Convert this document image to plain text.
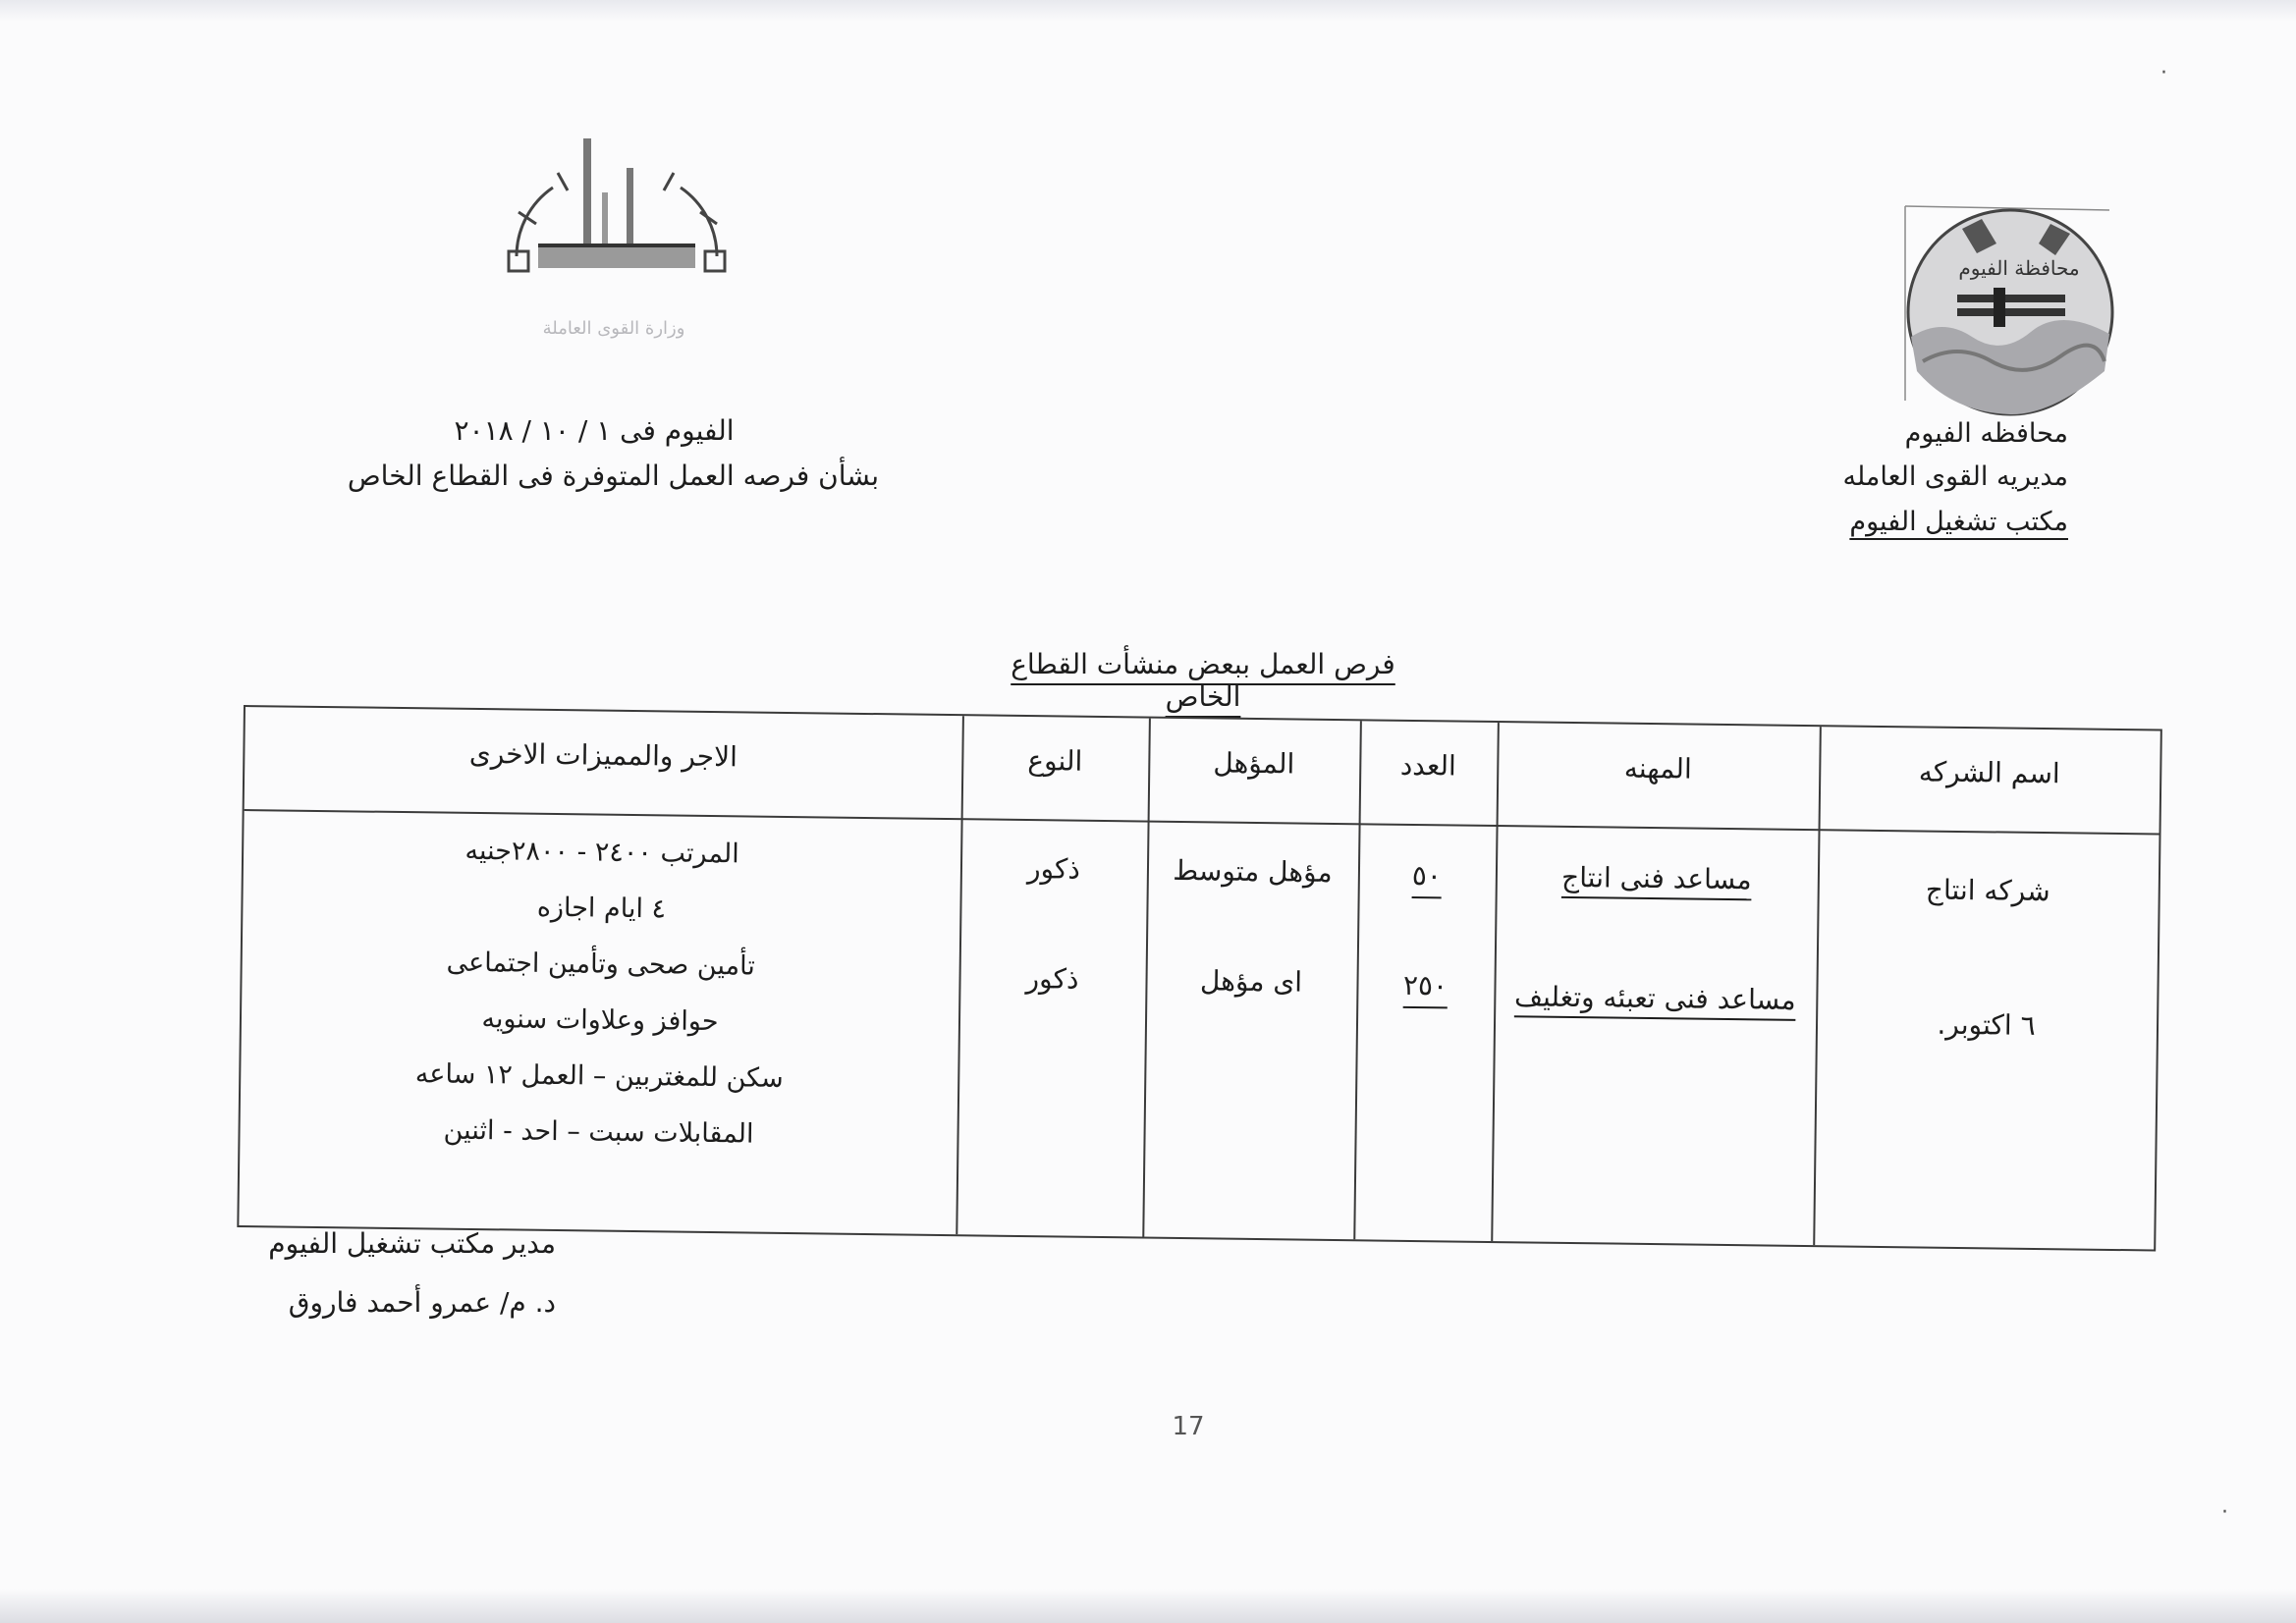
محافظة الفيوم
وزارة القوى العاملة
محافظه الفيوم
مديريه القوى العامله
مكتب تشغيل الفيوم
الفيوم فى ١ / ١٠ / ٢٠١٨
بشأن فرصه العمل المتوفرة فى القطاع الخاص
فرص العمل ببعض منشأت القطاع الخاص
اسم الشركه
المهنه
العدد
المؤهل
النوع
الاجر والمميزات الاخرى
شركه انتاج
٦ اكتوبر.
مساعد فنى انتاج
٥٠
مؤهل متوسط
ذكور
مساعد فنى تعبئه وتغليف
٢٥٠
اى مؤهل
ذكور
المرتب ٢٤٠٠ - ٢٨٠٠جنيه
٤ ايام اجازه
تأمين صحى وتأمين اجتماعى
حوافز وعلاوات سنويه
سكن للمغتربين – العمل ١٢ ساعه
المقابلات سبت – احد - اثنين
مدير مكتب تشغيل الفيوم
د. م/ عمرو أحمد فاروق
17
·
·
